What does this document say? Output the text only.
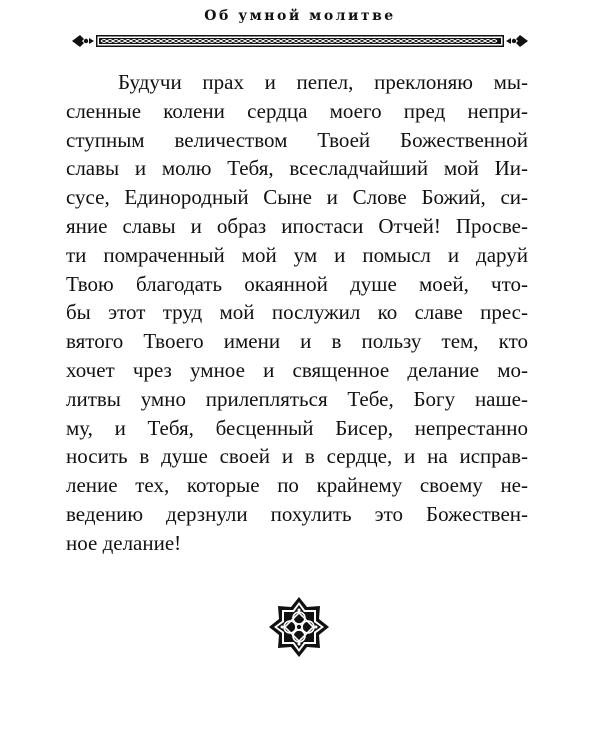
Об умной молитве
Будучи прах и пепел, преклоняю мы-
сленные колени сердца моего пред непри-
ступным величеством Твоей Божественной
славы и молю Тебя, всесладчайший мой Ии-
сусе, Единородный Сыне и Слове Божий, си-
яние славы и образ ипостаси Отчей! Просве-
ти помраченный мой ум и помысл и даруй
Твою благодать окаянной душе моей, что-
бы этот труд мой послужил ко славе прес-
вятого Твоего имени и в пользу тем, кто
хочет чрез умное и священное делание мо-
литвы умно прилепляться Тебе, Богу наше-
му, и Тебя, бесценный Бисер, непрестанно
носить в душе своей и в сердце, и на исправ-
ление тех, которые по крайнему своему не-
ведению дерзнули похулить это Божествен-
ное делание!
